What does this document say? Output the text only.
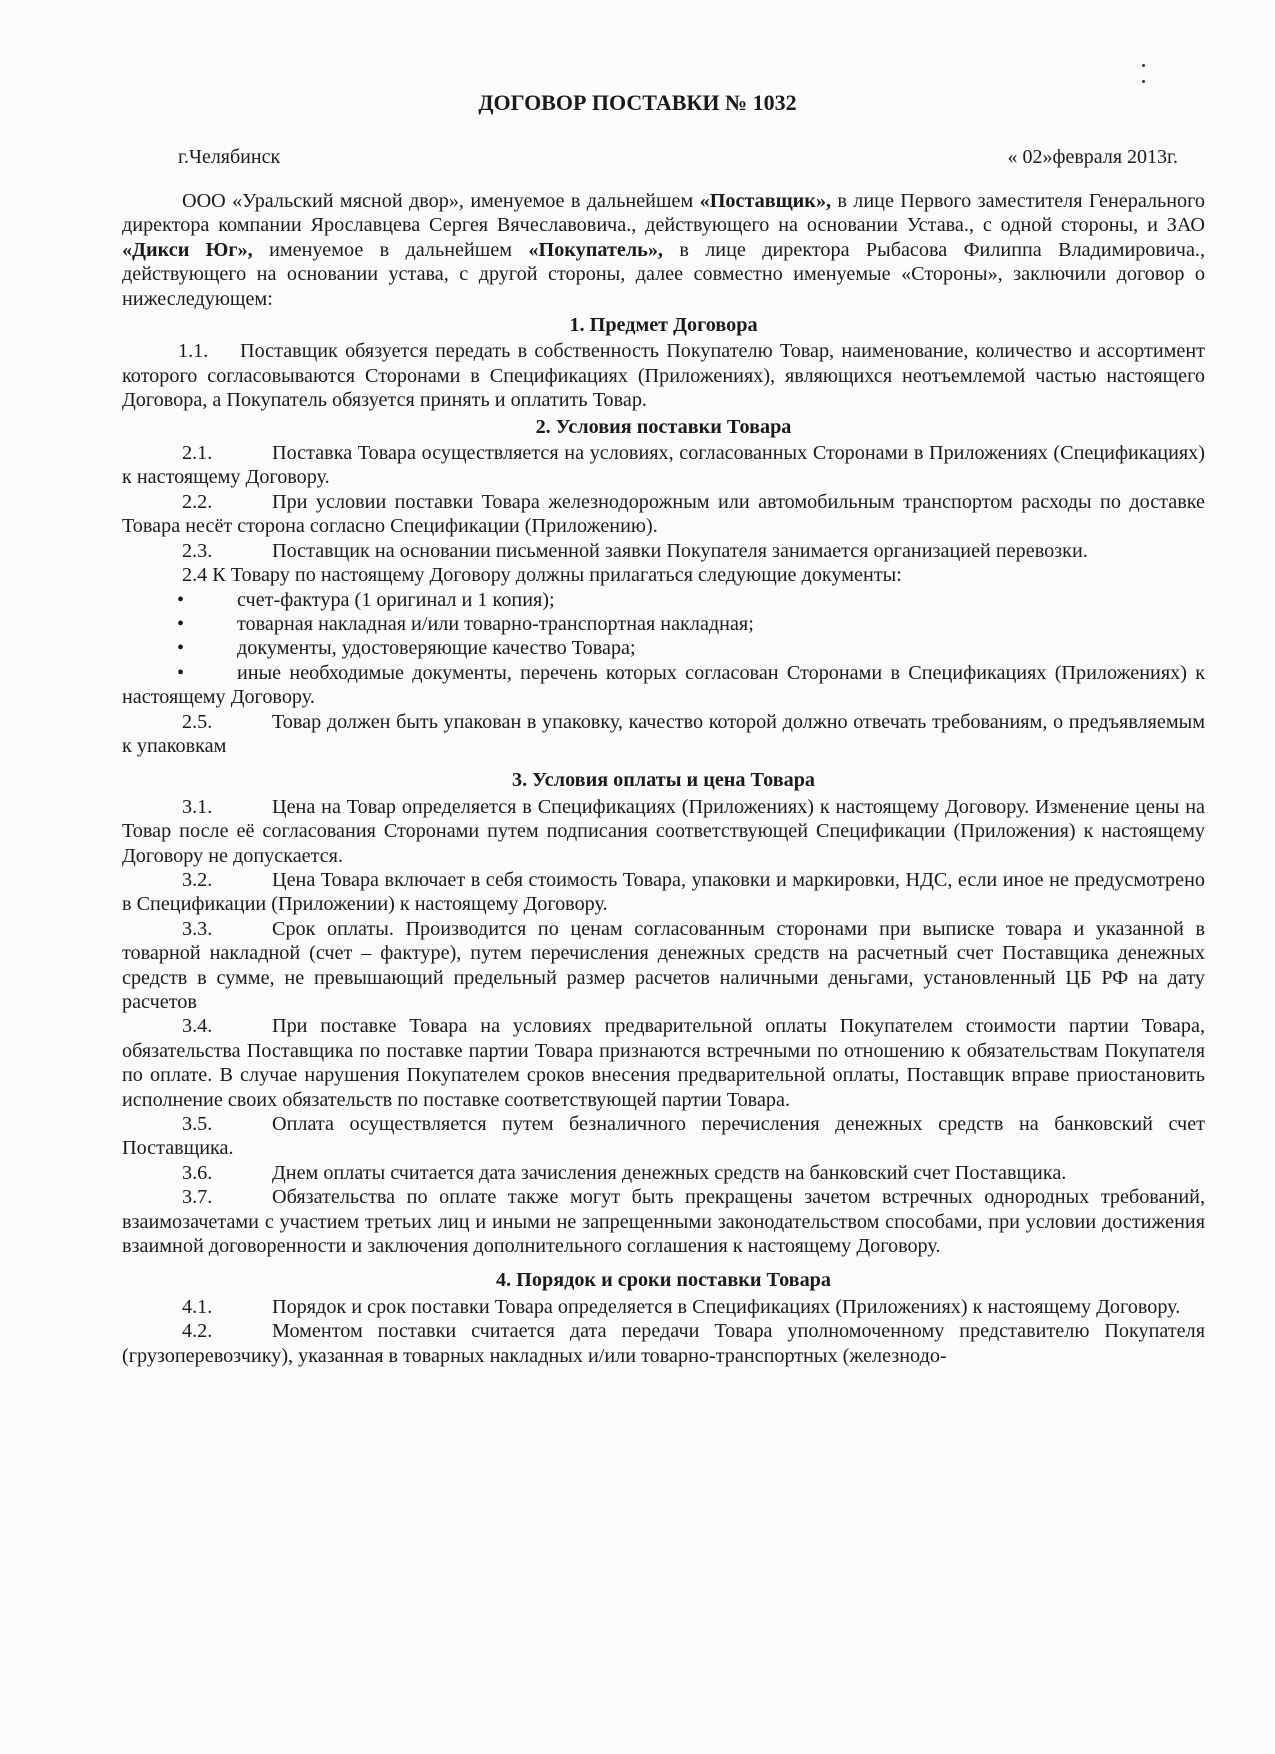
ДОГОВОР ПОСТАВКИ № 1032
г.Челябинск	« 02»февраля 2013г.

ООО «Уральский мясной двор», именуемое в дальнейшем «Поставщик», в лице Первого заместителя Генерального директора компании Ярославцева Сергея Вячеславовича., действующего на основании Устава., с одной стороны, и ЗАО «Дикси Юг», именуемое в дальнейшем «Покупатель», в лице директора Рыбасова Филиппа Владимировича., действующего на основании устава, с другой стороны, далее совместно именуемые «Стороны», заключили договор о нижеследующем:

1. Предмет Договора

1.1. Поставщик обязуется передать в собственность Покупателю Товар, наименование, количество и ассортимент которого согласовываются Сторонами в Спецификациях (Приложениях), являющихся неотъемлемой частью настоящего Договора, а Покупатель обязуется принять и оплатить Товар.

2. Условия поставки Товара

2.1.	Поставка Товара осуществляется на условиях, согласованных Сторонами в Приложениях (Спецификациях) к настоящему Договору.

2.2.	При условии поставки Товара железнодорожным или автомобильным транспортом расходы по доставке Товара несёт сторона согласно Спецификации (Приложению).

2.3.	Поставщик на основании письменной заявки Покупателя занимается организацией перевозки.

2.4 К Товару по настоящему Договору должны прилагаться следующие документы:

•	счет-фактура (1 оригинал и 1 копия);

•	товарная накладная и/или товарно-транспортная накладная;

•	документы, удостоверяющие качество Товара;

•	иные необходимые документы, перечень которых согласован Сторонами в Спецификациях (Приложениях) к настоящему Договору.

2.5.	Товар должен быть упакован в упаковку, качество которой должно отвечать требованиям, о предъявляемым к упаковкам

3. Условия оплаты и цена Товара

3.1.	Цена на Товар определяется в Спецификациях (Приложениях) к настоящему Договору. Изменение цены на Товар после её согласования Сторонами путем подписания соответствующей Спецификации (Приложения) к настоящему Договору не допускается.

3.2.	Цена Товара включает в себя стоимость Товара, упаковки и маркировки, НДС, если иное не предусмотрено в Спецификации (Приложении) к настоящему Договору.

3.3.	Срок оплаты. Производится по ценам согласованным сторонами при выписке товара и указанной в товарной накладной (счет – фактуре), путем перечисления денежных средств на расчетный счет Поставщика денежных средств в сумме, не превышающий предельный размер расчетов наличными деньгами, установленный ЦБ РФ на дату расчетов

3.4.	При поставке Товара на условиях предварительной оплаты Покупателем стоимости партии Товара, обязательства Поставщика по поставке партии Товара признаются встречными по отношению к обязательствам Покупателя по оплате. В случае нарушения Покупателем сроков внесения предварительной оплаты, Поставщик вправе приостановить исполнение своих обязательств по поставке соответствующей партии Товара.

3.5.	Оплата осуществляется путем безналичного перечисления денежных средств на банковский счет Поставщика.

3.6.	Днем оплаты считается дата зачисления денежных средств на банковский счет Поставщика.

3.7.	Обязательства по оплате также могут быть прекращены зачетом встречных однородных требований, взаимозачетами с участием третьих лиц и иными не запрещенными законодательством способами, при условии достижения взаимной договоренности и заключения дополнительного соглашения к настоящему Договору.

4. Порядок и сроки поставки Товара

4.1.	Порядок и срок поставки Товара определяется в Спецификациях (Приложениях) к настоящему Договору.

4.2.	Моментом поставки считается дата передачи Товара уполномоченному представителю Покупателя (грузоперевозчику), указанная в товарных накладных и/или товарно-транспортных (железнодо-
